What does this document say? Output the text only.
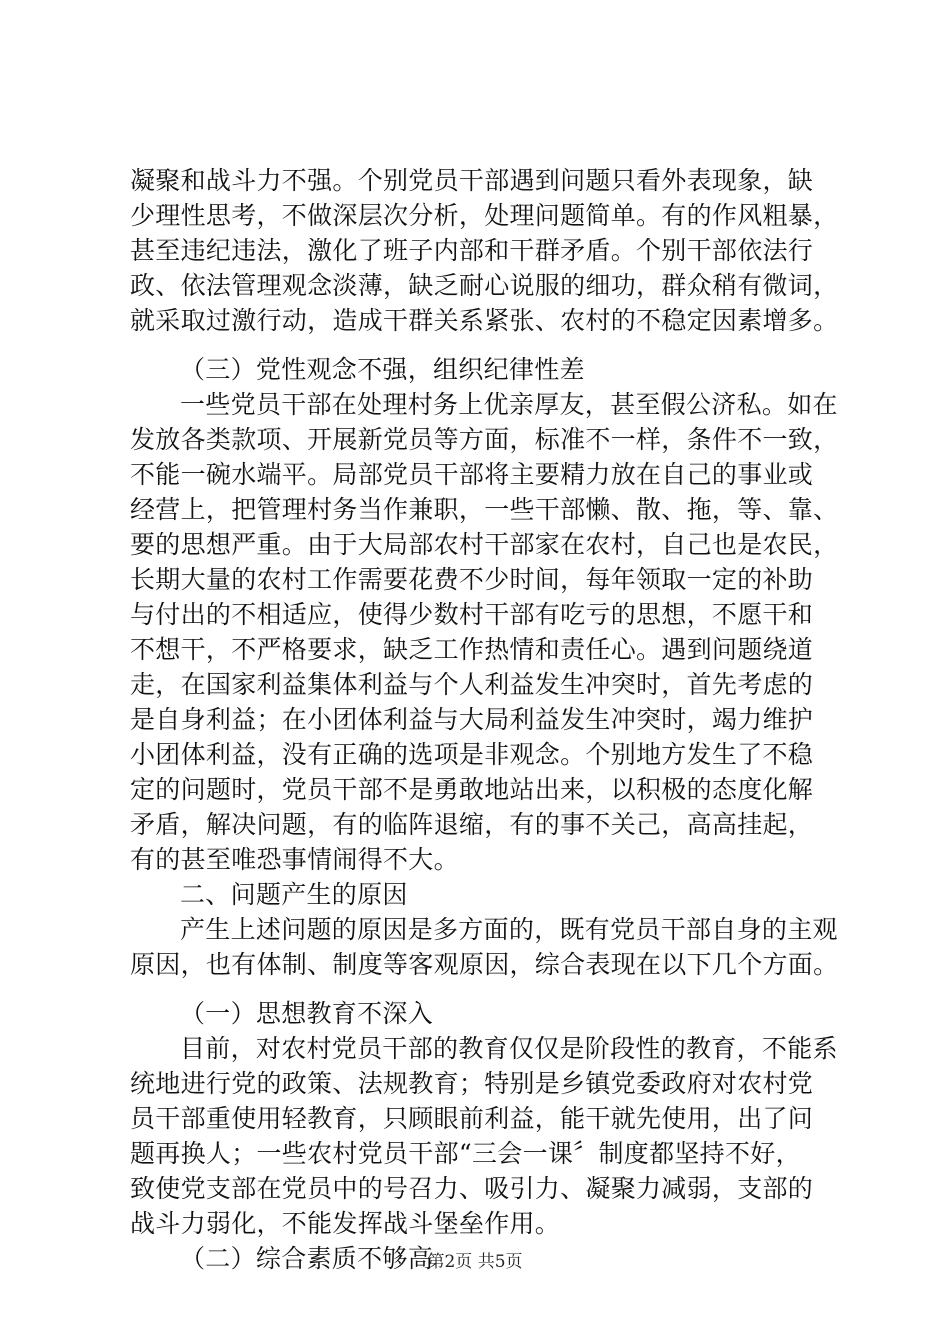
凝聚和战斗力不强。个别党员干部遇到问题只看外表现象，缺
少理性思考，不做深层次分析，处理问题简单。有的作风粗暴，
甚至违纪违法，激化了班子内部和干群矛盾。个别干部依法行
政、依法管理观念淡薄，缺乏耐心说服的细功，群众稍有微词，
就采取过激行动，造成干群关系紧张、农村的不稳定因素增多。
（三）党性观念不强，组织纪律性差
一些党员干部在处理村务上优亲厚友，甚至假公济私。如在
发放各类款项、开展新党员等方面，标准不一样，条件不一致，
不能一碗水端平。局部党员干部将主要精力放在自己的事业或
经营上，把管理村务当作兼职，一些干部懒、散、拖，等、靠、
要的思想严重。由于大局部农村干部家在农村，自己也是农民，
长期大量的农村工作需要花费不少时间，每年领取一定的补助
与付出的不相适应，使得少数村干部有吃亏的思想，不愿干和
不想干，不严格要求，缺乏工作热情和责任心。遇到问题绕道
走，在国家利益集体利益与个人利益发生冲突时，首先考虑的
是自身利益；在小团体利益与大局利益发生冲突时，竭力维护
小团体利益，没有正确的选项是非观念。个别地方发生了不稳
定的问题时，党员干部不是勇敢地站出来，以积极的态度化解
矛盾，解决问题，有的临阵退缩，有的事不关己，高高挂起，
有的甚至唯恐事情闹得不大。
二、问题产生的原因
产生上述问题的原因是多方面的，既有党员干部自身的主观
原因，也有体制、制度等客观原因，综合表现在以下几个方面。
（一）思想教育不深入
目前，对农村党员干部的教育仅仅是阶段性的教育，不能系
统地进行党的政策、法规教育；特别是乡镇党委政府对农村党
员干部重使用轻教育，只顾眼前利益，能干就先使用，出了问
题再换人；一些农村党员干部“三会一课〞制度都坚持不好，
致使党支部在党员中的号召力、吸引力、凝聚力减弱，支部的
战斗力弱化，不能发挥战斗堡垒作用。
（二）综合素质不够高
第2页 共5页
